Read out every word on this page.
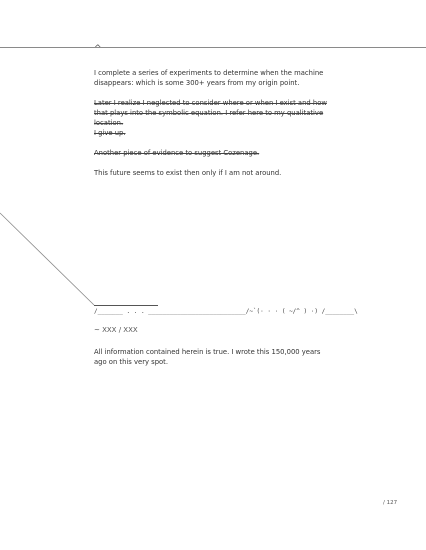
^
I complete a series of experiments to determine when the machine disappears: which is some 300+ years from my origin point.
Later I realize I neglected to consider where or when I exist and how that plays into the symbolic equation. I refer here to my qualitative location.
I give up.
Another piece of evidence to suggest Cozenage.
This future seems to exist then only if I am not around.
/_______ . . . ___________________________/~`(· · · ( ~/^ ) ·) /________\
~ XXX / XXX
All information contained herein is true. I wrote this 150,000 years ago on this very spot.
/ 127
